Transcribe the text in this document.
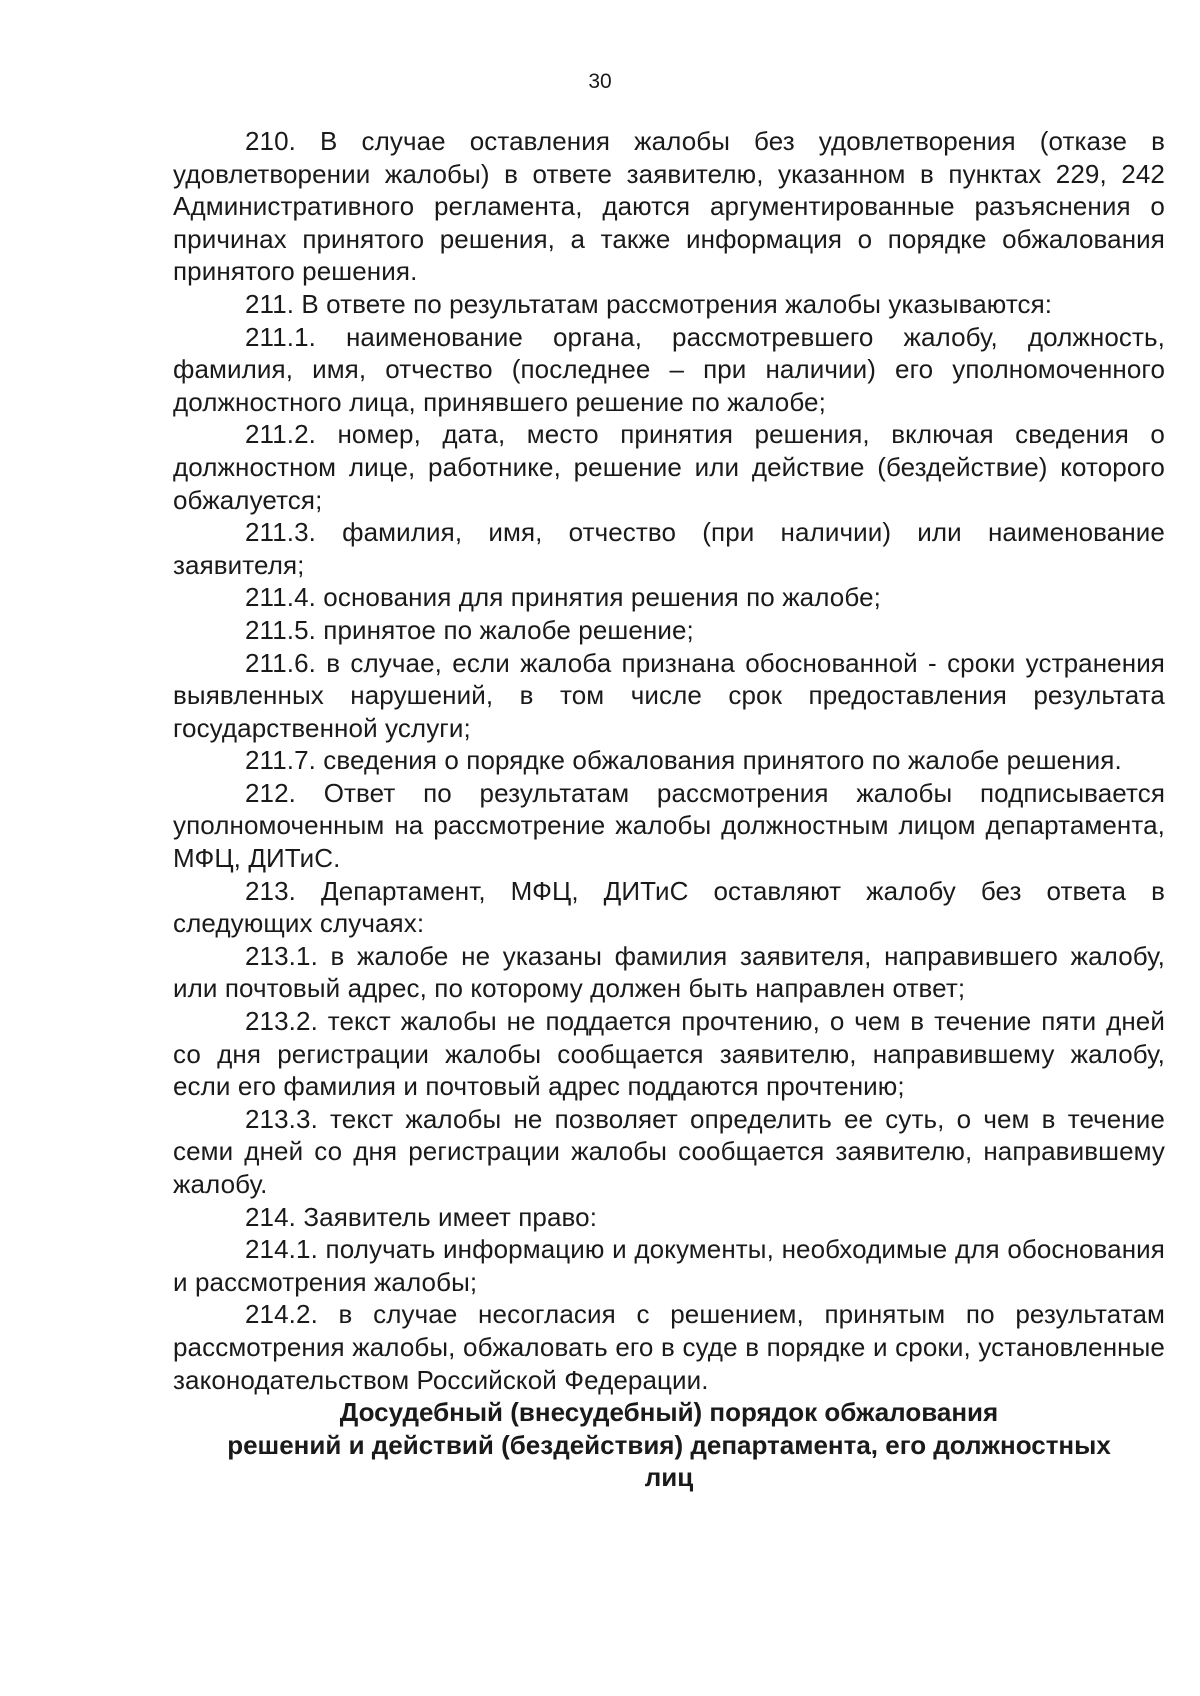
30

210. В случае оставления жалобы без удовлетворения (отказе в удовлетворении жалобы) в ответе заявителю, указанном в пунктах 229, 242 Административного регламента, даются аргументированные разъяснения о причинах принятого решения, а также информация о порядке обжалования принятого решения.

211. В ответе по результатам рассмотрения жалобы указываются:

211.1. наименование органа, рассмотревшего жалобу, должность, фамилия, имя, отчество (последнее – при наличии) его уполномоченного должностного лица, принявшего решение по жалобе;

211.2. номер, дата, место принятия решения, включая сведения о должностном лице, работнике, решение или действие (бездействие) которого обжалуется;

211.3. фамилия, имя, отчество (при наличии) или наименование заявителя;

211.4. основания для принятия решения по жалобе;

211.5. принятое по жалобе решение;

211.6. в случае, если жалоба признана обоснованной - сроки устранения выявленных нарушений, в том числе срок предоставления результата государственной услуги;

211.7. сведения о порядке обжалования принятого по жалобе решения.

212. Ответ по результатам рассмотрения жалобы подписывается уполномоченным на рассмотрение жалобы должностным лицом департамента, МФЦ, ДИТиС.

213. Департамент, МФЦ, ДИТиС оставляют жалобу без ответа в следующих случаях:

213.1. в жалобе не указаны фамилия заявителя, направившего жалобу, или почтовый адрес, по которому должен быть направлен ответ;

213.2. текст жалобы не поддается прочтению, о чем в течение пяти дней со дня регистрации жалобы сообщается заявителю, направившему жалобу, если его фамилия и почтовый адрес поддаются прочтению;

213.3. текст жалобы не позволяет определить ее суть, о чем в течение семи дней со дня регистрации жалобы сообщается заявителю, направившему жалобу.

214. Заявитель имеет право:

214.1. получать информацию и документы, необходимые для обоснования и рассмотрения жалобы;

214.2. в случае несогласия с решением, принятым по результатам рассмотрения жалобы, обжаловать его в суде в порядке и сроки, установленные законодательством Российской Федерации.

Досудебный (внесудебный) порядок обжалования

решений и действий (бездействия) департамента, его должностных

лиц
